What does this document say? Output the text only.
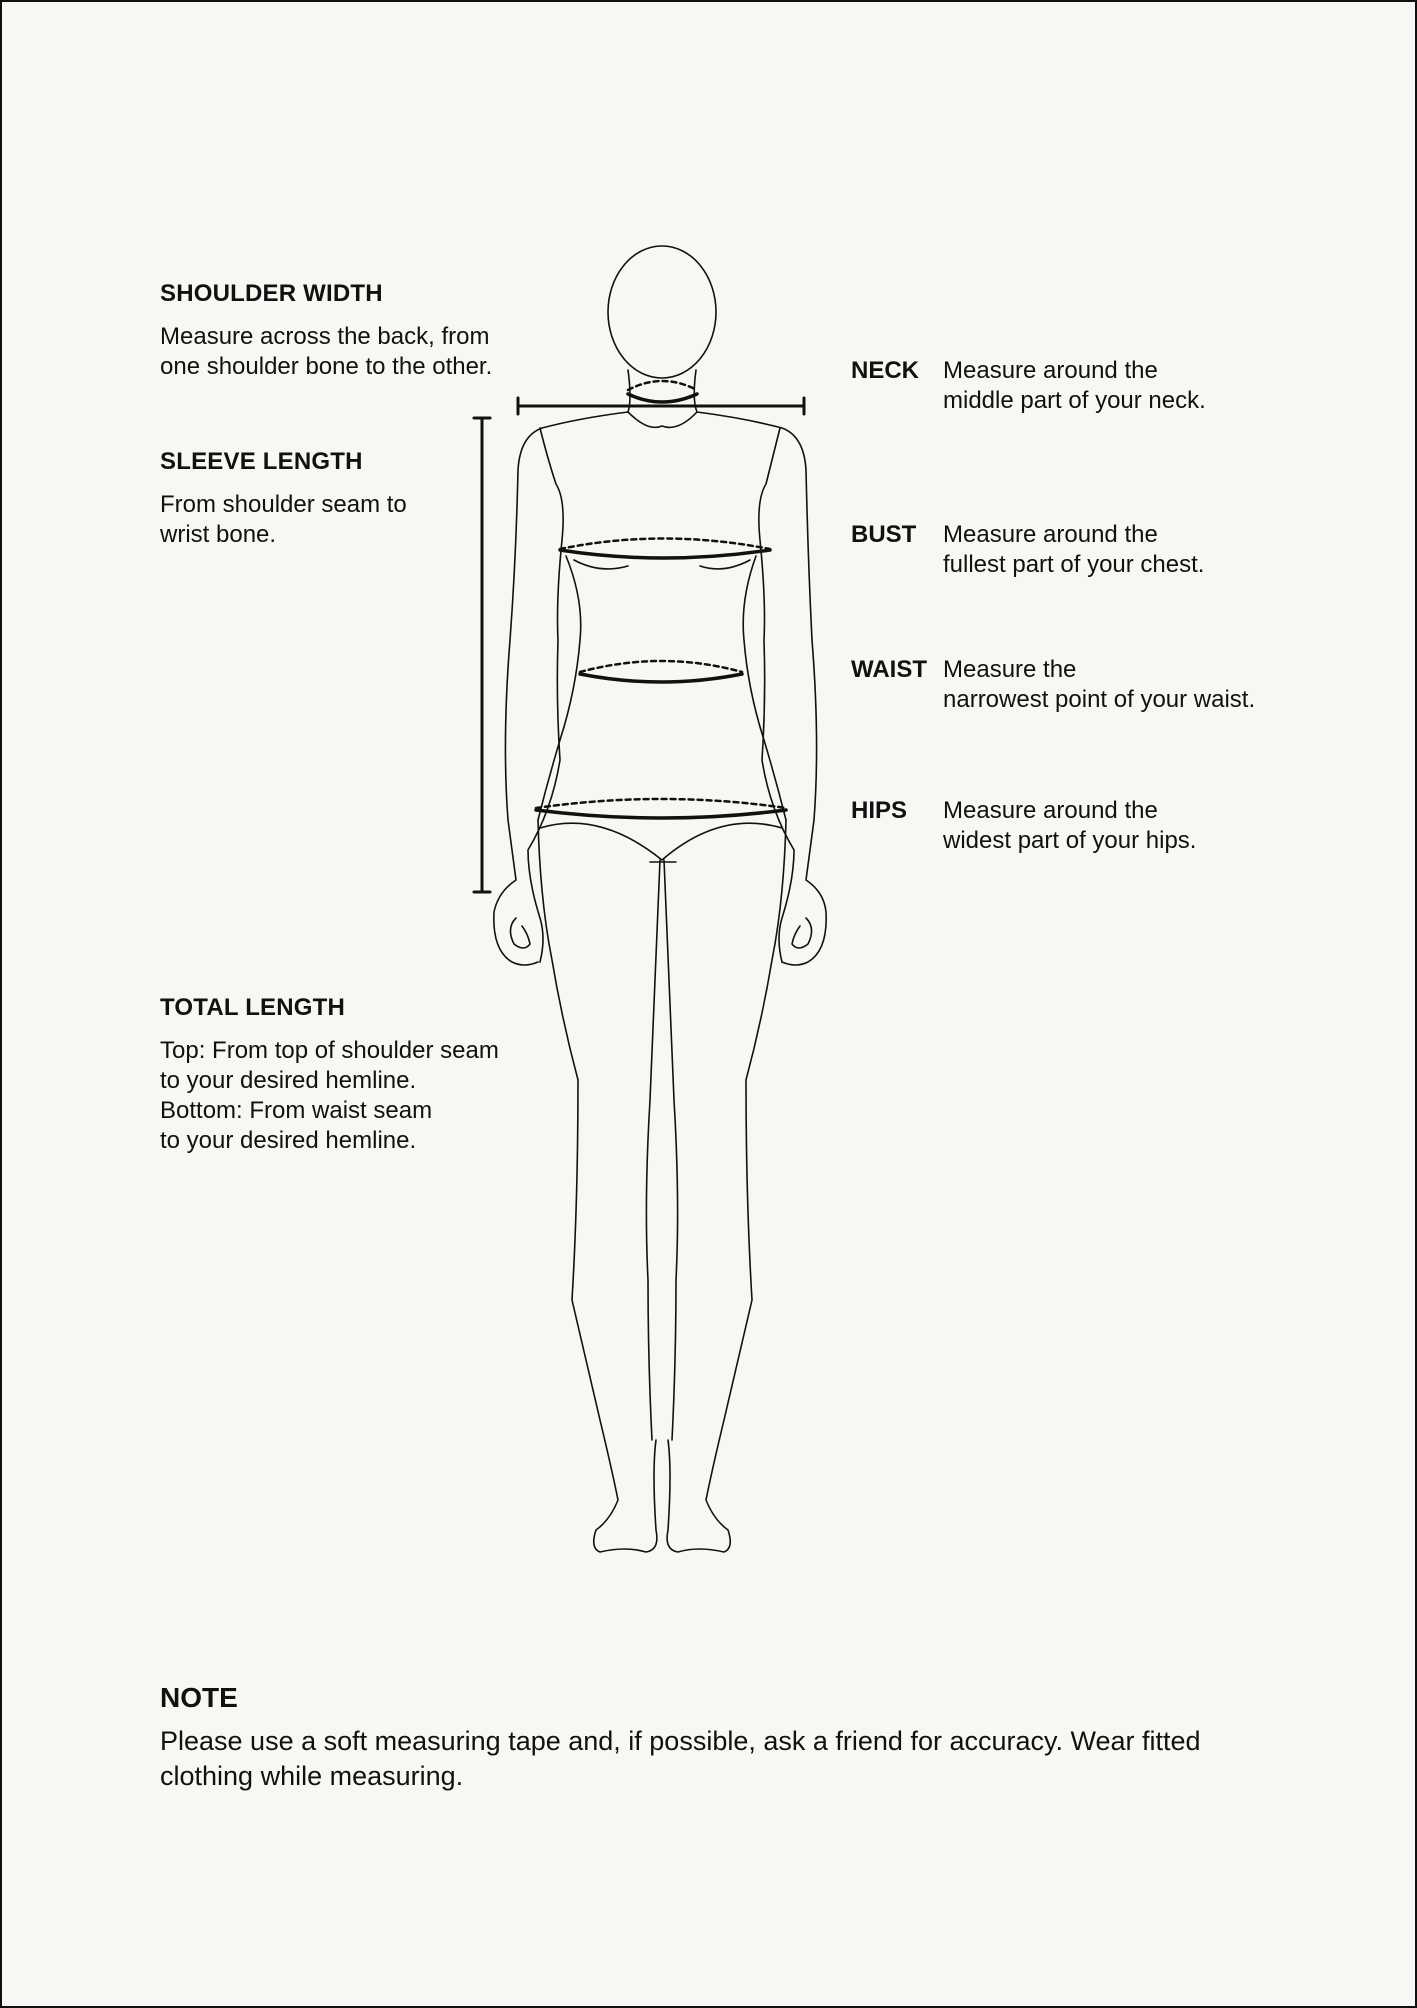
SHOULDER WIDTH

Measure across the back, from

one shoulder bone to the other.

SLEEVE LENGTH

From shoulder seam to

wrist bone.

TOTAL LENGTH

Top: From top of shoulder seam

to your desired hemline.

Bottom: From waist seam

to your desired hemline.

NECK Measure around the
middle part of your neck.
BUST	Measure around the
fullest part of your chest.
WAIST Measure the
narrowest point of your waist.
HIPS	Measure around the
widest part of your hips.

NOTE

Please use a soft measuring tape and, if possible, ask a friend for accuracy. Wear fitted clothing while measuring.
